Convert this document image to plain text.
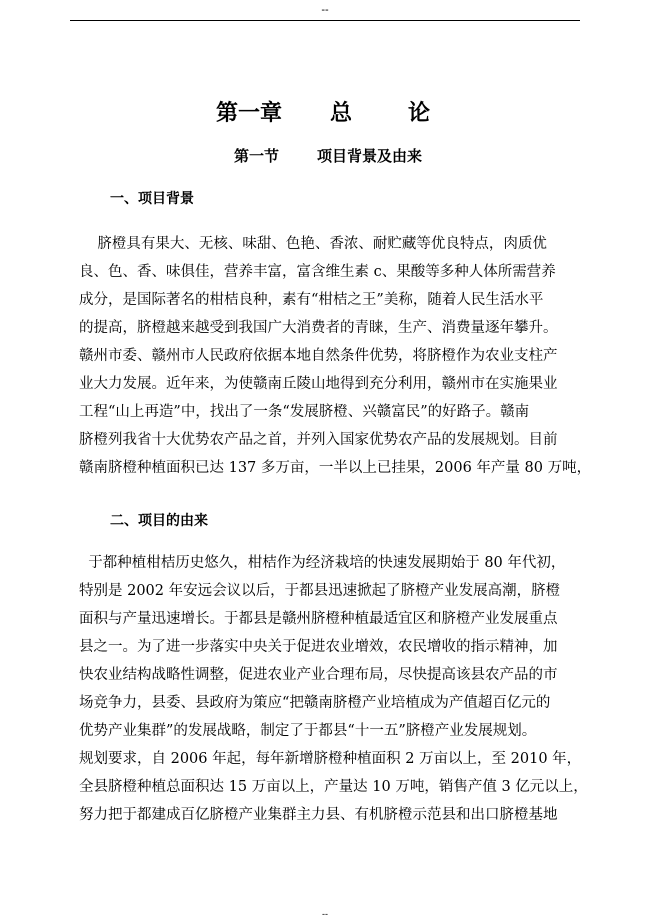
--
第一章 总	论
第一节	项目背景及由来
一、项目背景
脐橙具有果大、无核、味甜、色艳、香浓、耐贮藏等优良特点，肉质优
良、色、香、味俱佳，营养丰富，富含维生素 c、果酸等多种人体所需营养
成分，是国际著名的柑桔良种，素有“柑桔之王”美称，随着人民生活水平
的提高，脐橙越来越受到我国广大消费者的青睐，生产、消费量逐年攀升。
赣州市委、赣州市人民政府依据本地自然条件优势，将脐橙作为农业支柱产
业大力发展。近年来，为使赣南丘陵山地得到充分利用，赣州市在实施果业
工程“山上再造”中，找出了一条“发展脐橙、兴赣富民”的好路子。赣南
脐橙列我省十大优势农产品之首，并列入国家优势农产品的发展规划。目前
赣南脐橙种植面积已达 137 多万亩，一半以上已挂果，2006 年产量 80 万吨，
二、项目的由来
于都种植柑桔历史悠久，柑桔作为经济栽培的快速发展期始于 80 年代初，
特别是 2002 年安远会议以后，于都县迅速掀起了脐橙产业发展高潮，脐橙
面积与产量迅速增长。于都县是赣州脐橙种植最适宜区和脐橙产业发展重点
县之一。为了进一步落实中央关于促进农业增效，农民增收的指示精神，加
快农业结构战略性调整，促进农业产业合理布局，尽快提高该县农产品的市
场竞争力，县委、县政府为策应“把赣南脐橙产业培植成为产值超百亿元的
优势产业集群”的发展战略，制定了于都县“十一五”脐橙产业发展规划。
规划要求，自 2006 年起，每年新增脐橙种植面积 2 万亩以上，至 2010 年，
全县脐橙种植总面积达 15 万亩以上，产量达 10 万吨，销售产值 3 亿元以上，
努力把于都建成百亿脐橙产业集群主力县、有机脐橙示范县和出口脐橙基地
--
